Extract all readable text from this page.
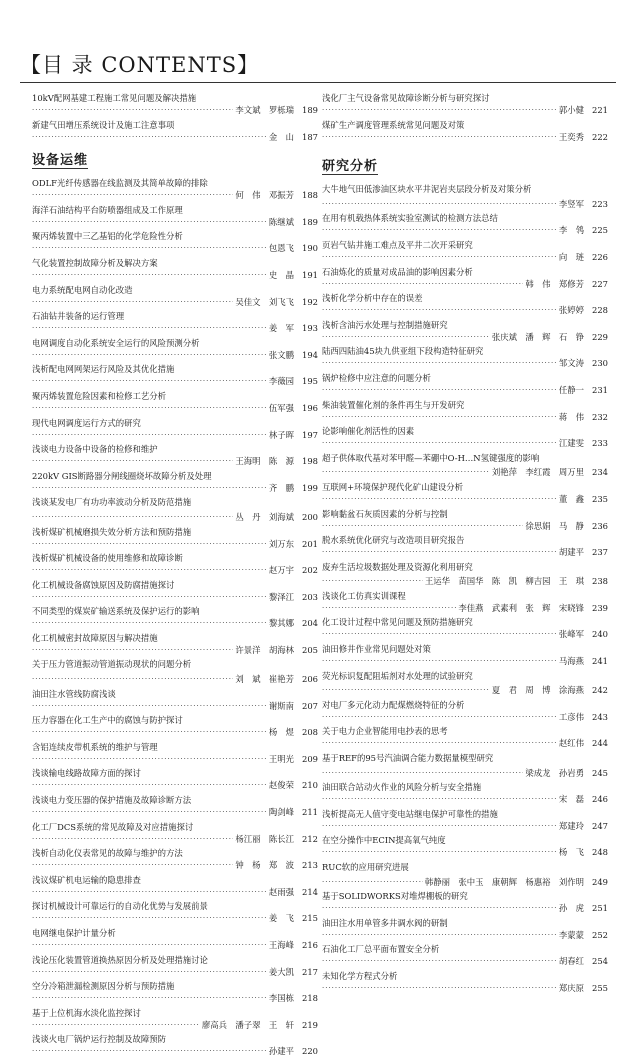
【目 录 CONTENTS】
10kV配网基建工程施工常见问题及解决措施
·····
李文斌　罗栎瑞 189
新建气田增压系统设计及施工注意事项
·····
金　山 187
设备运维
ODLF光纤传感器在线监测及其简单故障的排除
·····
何　伟　邓振芳 188
海洋石油结构平台防喷器组成及工作原理
·····
陈继斌 189
聚丙烯装置中三乙基铝的化学危险性分析
·····
包恩飞 190
气化装置控制故障分析及解决方案
·····
史　晶 191
电力系统配电网自动化改造
·····
吴佳文　刘飞飞 192
石油钻井装备的运行管理
·····
姜　军 193
电网调度自动化系统安全运行的风险预测分析
·····
张文鹏 194
浅析配电网网架运行风险及其优化措施
·····
李薇园 195
聚丙烯装置危险因素和检修工艺分析
·····
伍军强 196
现代电网调度运行方式的研究
·····
林子晖 197
浅谈电力设备中设备的检修和维护
·····
王海明　陈　源 198
220kV GIS断路器分闸线圈烧坏故障分析及处理
·····
齐　鹏 199
浅谈某发电厂有功功率波动分析及防范措施
·····
丛　丹　刘海斌 200
浅析煤矿机械磨损失效分析方法和预防措施
·····
刘万东 201
浅析煤矿机械设备的使用维修和故障诊断
·····
赵万宇 202
化工机械设备腐蚀原因及防腐措施探讨
·····
黎泽江 203
不同类型的煤炭矿输送系统及保护运行的影响
·····
黎其娜 204
化工机械密封故障原因与解决措施
·····
许景洋　胡海林 205
关于压力管道振动管道振动现状的问题分析
·····
刘　斌　崔艳芳 206
油田注水管线防腐浅谈
·····
谢斯南 207
压力容器在化工生产中的腐蚀与防护探讨
·····
杨　煜 208
含铝连续皮带机系统的维护与管理
·····
王明光 209
浅谈输电线路故障方面的探讨
·····
赵俊荣 210
浅谈电力变压器的保护措施及故障诊断方法
·····
陶剑峰 211
化工厂DCS系统的常见故障及对应措施探讨
·····
杨江丽　陈长江 212
浅析自动化仪表常见的故障与维护的方法
·····
钟　杨　郑　波 213
浅议煤矿机电运输的隐患排查
·····
赵雨强 214
探讨机械设计可靠运行的自动化优势与发展前景
·····
姜　飞 215
电网继电保护计量分析
·····
王海峰 216
浅论压化装置管道换热原因分析及处理措施讨论
·····
姜大凯 217
空分冷箱泄漏检测原因分析与预防措施
·····
李国栋 218
基于上位机海水淡化监控探讨
·····
廖高兵　潘子翠　王　轩 219
浅谈火电厂锅炉运行控制及故障预防
·····
孙建平 220
浅化厂主气设备常见故障诊断分析与研究探讨
·····
郭小健 221
煤矿生产调度管理系统常见问题及对策
·····
王奕秀 222
研究分析
大牛地气田低渗油区块水平井泥岩夹层段分析及对策分析
·····
李竖军 223
在用有机载热体系统实验室测试的检测方法总结
·····
李　鸰 225
页岩气钻井施工难点及平井二次开采研究
·····
向　琏 226
石油炼化的质量对成品油的影响因素分析
·····
韩　伟　郑修芳 227
浅析化学分析中存在的误差
·····
张婷婷 228
浅析含油污水处理与控制措施研究
·····
张庆斌　潘　辉　石　铮 229
陆西四陆油45块九供亚组下段构造特征研究
·····
邹文涛 230
锅炉检修中应注意的问题分析
·····
任静一 231
柴油装置催化剂的条件再生与开发研究
·····
蒋　伟 232
论影响催化剂活性的因素
·····
江建雯 233
超子供体取代基对苯甲醛—苯硼中O-H…N氢键强度的影响
·····
刘艳萍　李红霞　周万里 234
互联网+环境保护现代化矿山建设分析
·····
董　鑫 235
影响黏盆石灰质因素的分析与控制
·····
徐思娟　马　静 236
脱水系统优化研究与改造项目研究报告
·····
胡建平 237
废弃生活垃圾数据处理及资源化利用研究
·····
王运华　苗国华　陈　凯　柳吉园　王　琪 238
浅谈化工仿真实训课程
·····
李佳燕　武素利　张　辉　宋晓锋 239
化工设计过程中常见问题及预防措施研究
·····
张峰军 240
油田修井作业常见问题处对策
·····
马海燕 241
荧光标识复配阻垢剂对水处理的试验研究
·····
夏　君　周　博　涂海燕 242
对电厂多元化动力配煤燃烧特征的分析
·····
工彦伟 243
关于电力企业智能用电抄表的思考
·····
赵红伟 244
基于REF的95号汽油调合能力数据量模型研究
·····
梁成龙　孙岩勇 245
油田联合站动火作业的风险分析与安全措施
·····
宋　磊 246
浅析提高无人值守变电站继电保护可靠性的措施
·····
郑建玲 247
在空分操作中ECIN提高氧气纯度
·····
杨　飞 248
RUC软的应用研究进展
·····
韩静丽　张中玉　康朝辉　杨惠裕　刘作明 249
基于SOLIDWORKS对堆焊棚板的研究
·····
孙　虎 251
油田注水用单管多井调水阀的研制
·····
李蒙蒙 252
石油化工厂总平面布置安全分析
·····
胡春红 254
未知化学方程式分析
·····
郑庆原 255
